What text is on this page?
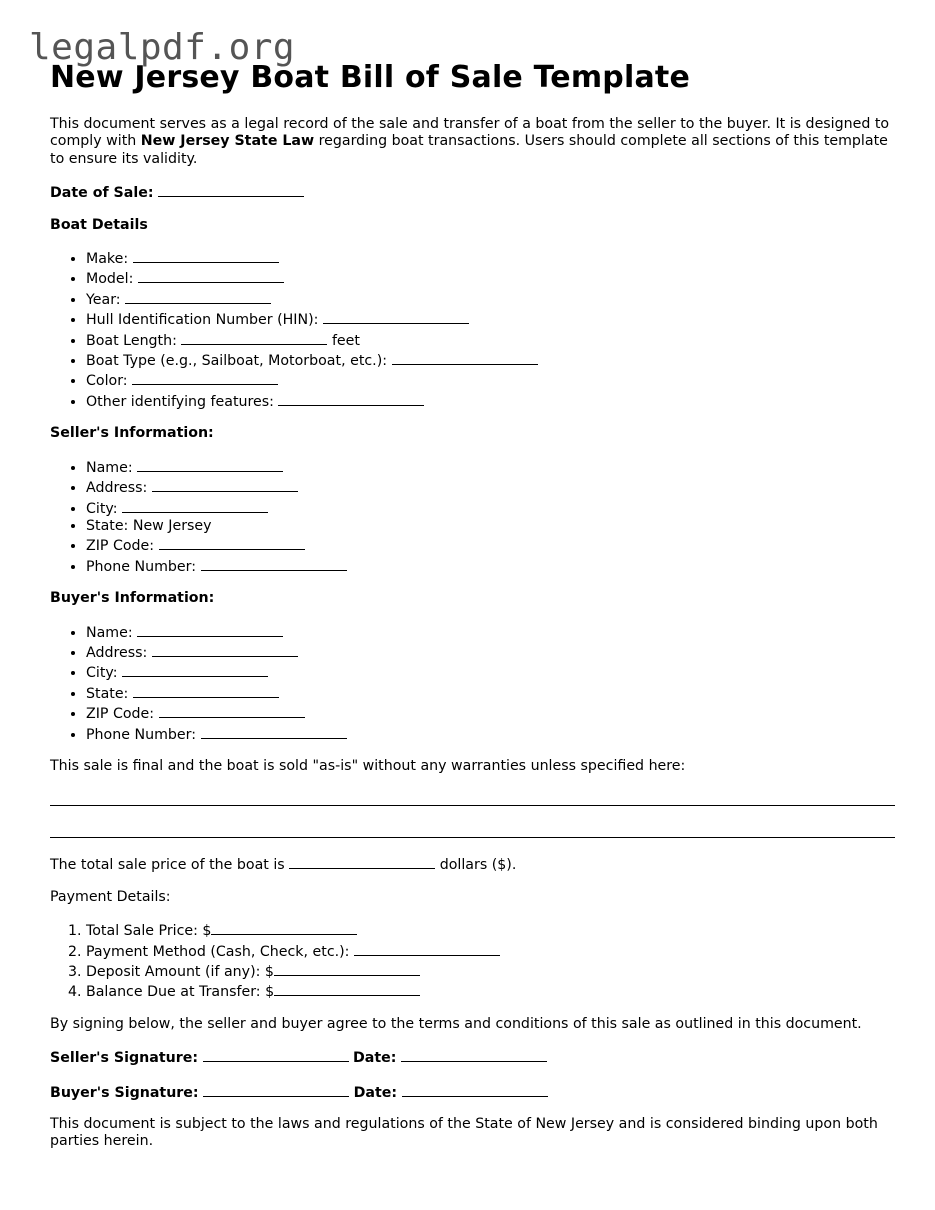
legalpdf.org
New Jersey Boat Bill of Sale Template

This document serves as a legal record of the sale and transfer of a boat from the seller to the buyer. It is designed to comply with New Jersey State Law regarding boat transactions. Users should complete all sections of this template to ensure its validity.

Date of Sale:

Boat Details

• Make:
• Model:
• Year:
• Hull Identification Number (HIN):
• Boat Length:	feet
• Boat Type (e.g., Sailboat, Motorboat, etc.):
• Color:
• Other identifying features:

Seller's Information:

• Name:
• Address:
• City:
• State: New Jersey
• ZIP Code:
• Phone Number:

Buyer's Information:

• Name:
• Address:
• City:
• State:
• ZIP Code:
• Phone Number:

This sale is final and the boat is sold "as-is" without any warranties unless specified here:

The total sale price of the boat is	dollars ($).

Payment Details:

1. Total Sale Price: $
2. Payment Method (Cash, Check, etc.):
3. Deposit Amount (if any): $
4. Balance Due at Transfer: $

By signing below, the seller and buyer agree to the terms and conditions of this sale as outlined in this document.

Seller's Signature:	Date:

Buyer's Signature:	Date:

This document is subject to the laws and regulations of the State of New Jersey and is considered binding upon both parties herein.
